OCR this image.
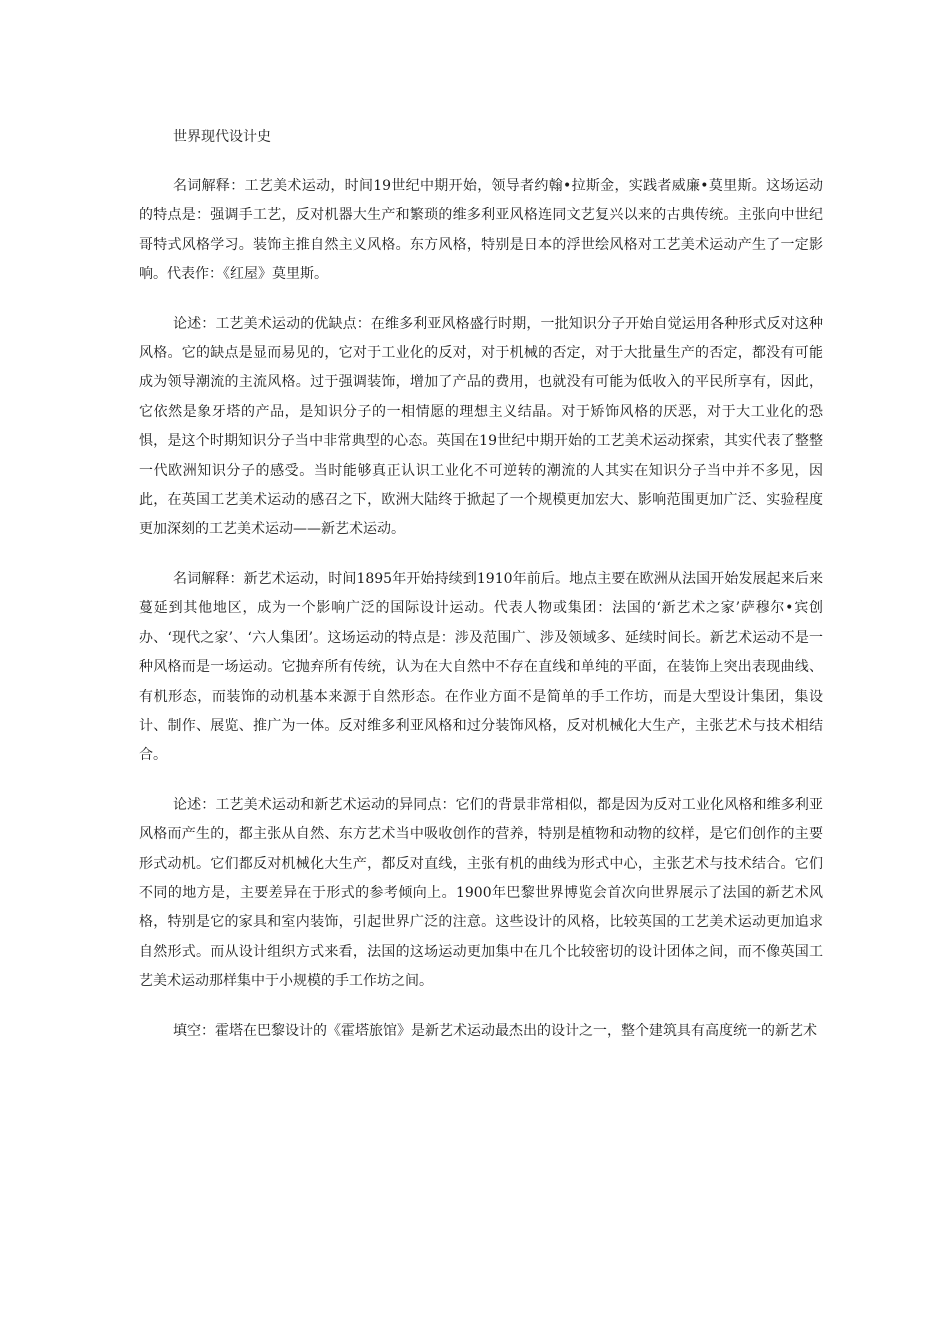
世界现代设计史

名词解释：工艺美术运动，时间19世纪中期开始，领导者约翰•拉斯金，实践者威廉•莫里斯。这场运动的特点是：强调手工艺，反对机器大生产和繁琐的维多利亚风格连同文艺复兴以来的古典传统。主张向中世纪哥特式风格学习。装饰主推自然主义风格。东方风格，特别是日本的浮世绘风格对工艺美术运动产生了一定影响。代表作：《红屋》莫里斯。

论述：工艺美术运动的优缺点：在维多利亚风格盛行时期，一批知识分子开始自觉运用各种形式反对这种风格。它的缺点是显而易见的，它对于工业化的反对，对于机械的否定，对于大批量生产的否定，都没有可能成为领导潮流的主流风格。过于强调装饰，增加了产品的费用，也就没有可能为低收入的平民所享有，因此，它依然是象牙塔的产品，是知识分子的一相情愿的理想主义结晶。对于矫饰风格的厌恶，对于大工业化的恐惧，是这个时期知识分子当中非常典型的心态。英国在19世纪中期开始的工艺美术运动探索，其实代表了整整一代欧洲知识分子的感受。当时能够真正认识工业化不可逆转的潮流的人其实在知识分子当中并不多见，因此，在英国工艺美术运动的感召之下，欧洲大陆终于掀起了一个规模更加宏大、影响范围更加广泛、实验程度更加深刻的工艺美术运动——新艺术运动。

名词解释：新艺术运动，时间1895年开始持续到1910年前后。地点主要在欧洲从法国开始发展起来后来蔓延到其他地区，成为一个影响广泛的国际设计运动。代表人物或集团：法国的‘新艺术之家’萨穆尔•宾创办、‘现代之家’、‘六人集团’。这场运动的特点是：涉及范围广、涉及领域多、延续时间长。新艺术运动不是一种风格而是一场运动。它抛弃所有传统，认为在大自然中不存在直线和单纯的平面，在装饰上突出表现曲线、有机形态，而装饰的动机基本来源于自然形态。在作业方面不是简单的手工作坊，而是大型设计集团，集设计、制作、展览、推广为一体。反对维多利亚风格和过分装饰风格，反对机械化大生产，主张艺术与技术相结合。

论述：工艺美术运动和新艺术运动的异同点：它们的背景非常相似，都是因为反对工业化风格和维多利亚风格而产生的，都主张从自然、东方艺术当中吸收创作的营养，特别是植物和动物的纹样，是它们创作的主要形式动机。它们都反对机械化大生产，都反对直线，主张有机的曲线为形式中心，主张艺术与技术结合。它们不同的地方是，主要差异在于形式的参考倾向上。1900年巴黎世界博览会首次向世界展示了法国的新艺术风格，特别是它的家具和室内装饰，引起世界广泛的注意。这些设计的风格，比较英国的工艺美术运动更加追求自然形式。而从设计组织方式来看，法国的这场运动更加集中在几个比较密切的设计团体之间，而不像英国工艺美术运动那样集中于小规模的手工作坊之间。

填空：霍塔在巴黎设计的《霍塔旅馆》是新艺术运动最杰出的设计之一，整个建筑具有高度统一的新艺术
